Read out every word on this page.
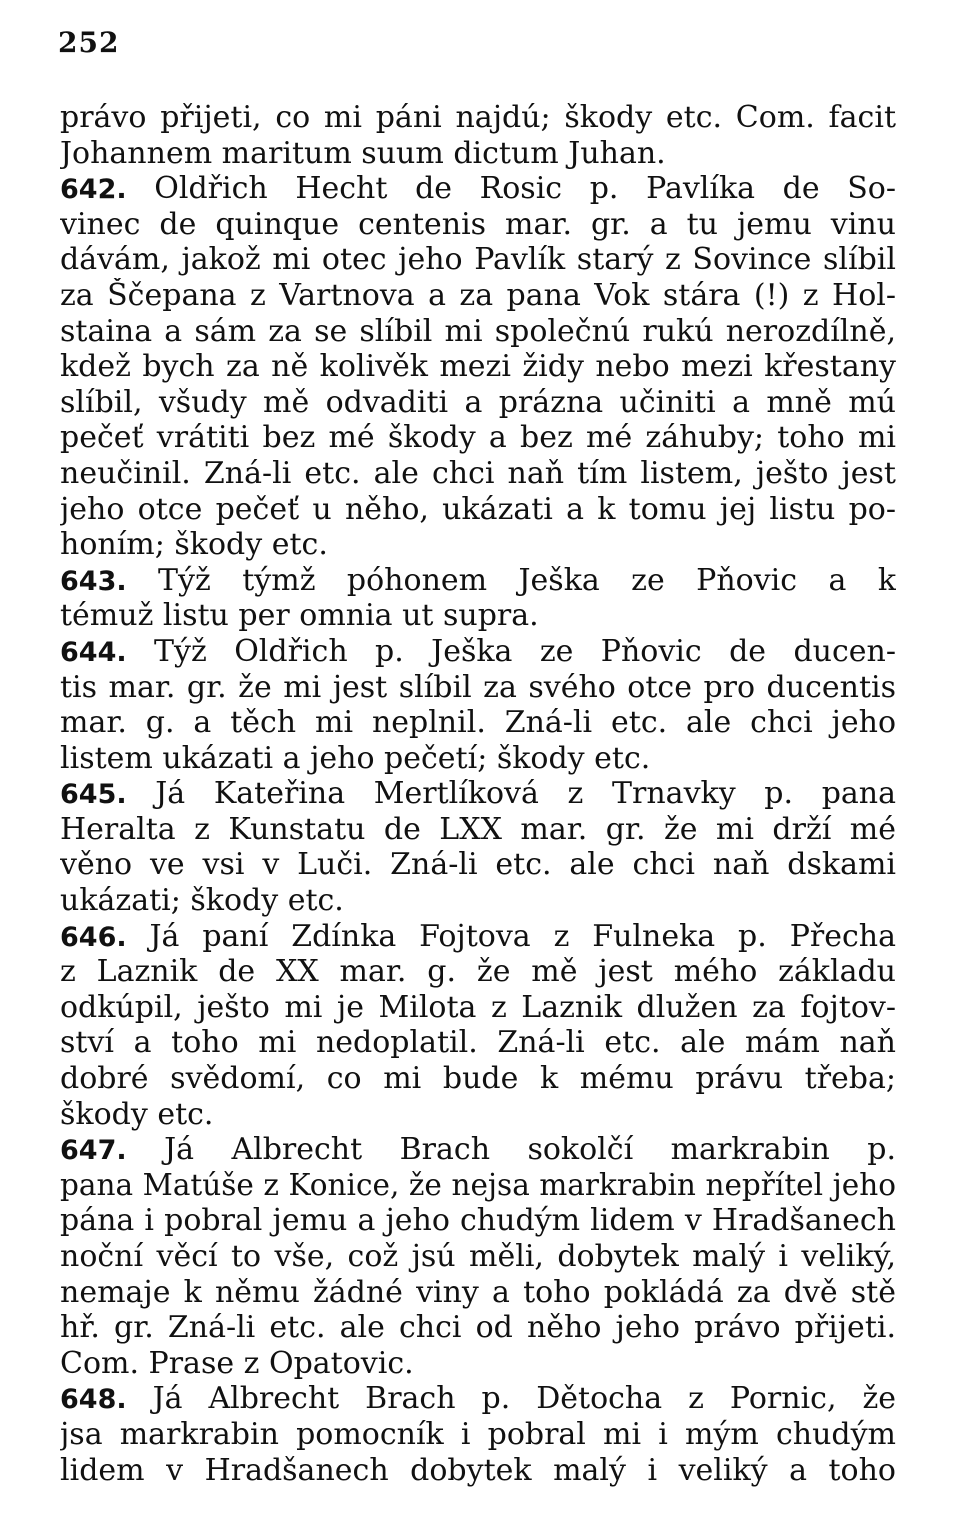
252
právo přijeti, co mi páni najdú; škody etc. Com. facit
Johannem maritum suum dictum Juhan.
642. Oldřich Hecht de Rosic p. Pavlíka de So-
vinec de quinque centenis mar. gr. a tu jemu vinu
dávám, jakož mi otec jeho Pavlík starý z Sovince slíbil
za Ščepana z Vartnova a za pana Vok stára (!) z Hol-
staina a sám za se slíbil mi společnú rukú nerozdílně,
kdež bych za ně kolivěk mezi židy nebo mezi křestany
slíbil, všudy mě odvaditi a prázna učiniti a mně mú
pečeť vrátiti bez mé škody a bez mé záhuby; toho mi
neučinil. Zná-li etc. ale chci naň tím listem, ješto jest
jeho otce pečeť u něho, ukázati a k tomu jej listu po-
honím; škody etc.
643. Týž týmž póhonem Ješka ze Pňovic a k
témuž listu per omnia ut supra.
644. Týž Oldřich p. Ješka ze Pňovic de ducen-
tis mar. gr. že mi jest slíbil za svého otce pro ducentis
mar. g. a těch mi neplnil. Zná-li etc. ale chci jeho
listem ukázati a jeho pečetí; škody etc.
645. Já Kateřina Mertlíková z Trnavky p. pana
Heralta z Kunstatu de LXX mar. gr. že mi drží mé
věno ve vsi v Luči. Zná-li etc. ale chci naň dskami
ukázati; škody etc.
646. Já paní Zdínka Fojtova z Fulneka p. Přecha
z Laznik de XX mar. g. že mě jest mého základu
odkúpil, ješto mi je Milota z Laznik dlužen za fojtov-
ství a toho mi nedoplatil. Zná-li etc. ale mám naň
dobré svědomí, co mi bude k mému právu třeba;
škody etc.
647. Já Albrecht Brach sokolčí markrabin p.
pana Matúše z Konice, že nejsa markrabin nepřítel jeho
pána i pobral jemu a jeho chudým lidem v Hradšanech
noční věcí to vše, což jsú měli, dobytek malý i veliký,
nemaje k němu žádné viny a toho pokládá za dvě stě
hř. gr. Zná-li etc. ale chci od něho jeho právo přijeti.
Com. Prase z Opatovic.
648. Já Albrecht Brach p. Dětocha z Pornic, že
jsa markrabin pomocník i pobral mi i mým chudým
lidem v Hradšanech dobytek malý i veliký a toho
